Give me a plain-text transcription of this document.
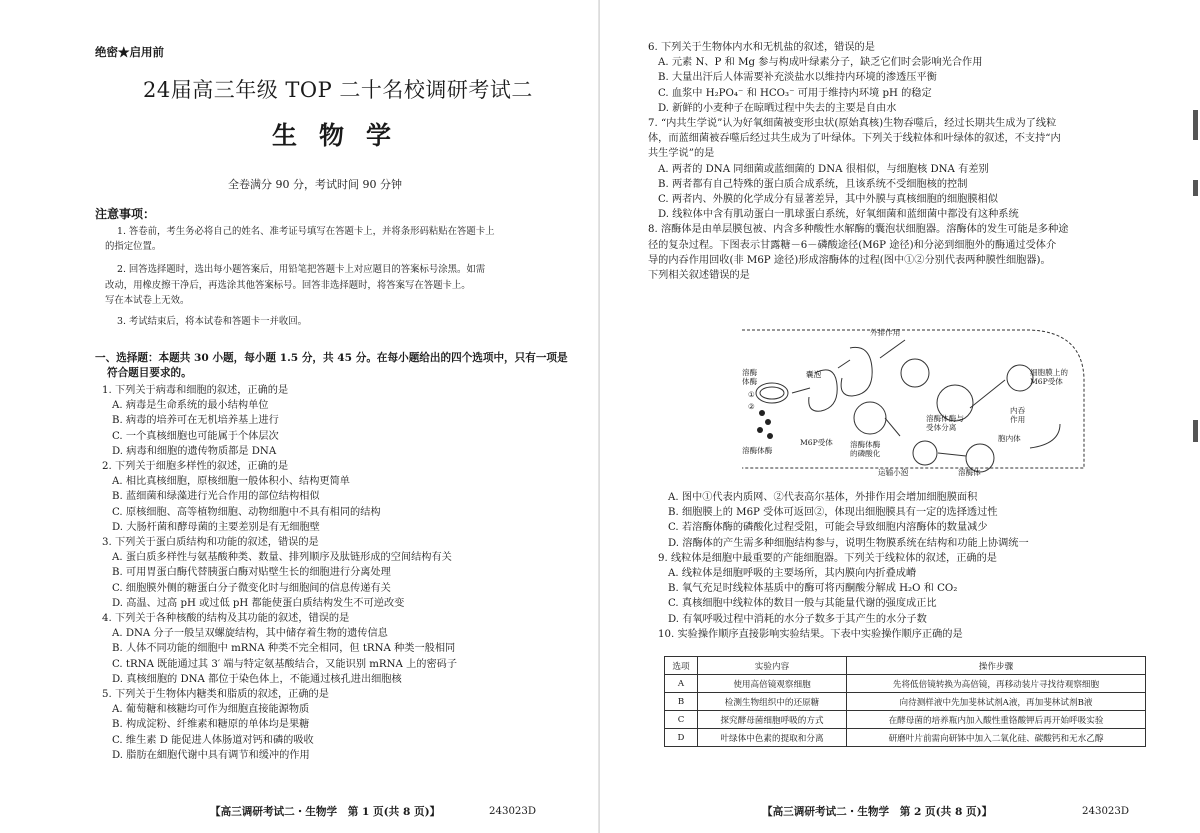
绝密★启用前
24届高三年级 TOP 二十名校调研考试二
生物学
全卷满分 90 分，考试时间 90 分钟
注意事项：
1. 答卷前，考生务必将自己的姓名、准考证号填写在答题卡上，并将条形码粘贴在答题卡上
的指定位置。
2. 回答选择题时，选出每小题答案后，用铅笔把答题卡上对应题目的答案标号涂黑。如需
改动，用橡皮擦干净后，再选涂其他答案标号。回答非选择题时，将答案写在答题卡上。
写在本试卷上无效。
3. 考试结束后，将本试卷和答题卡一并收回。
一、选择题：本题共 30 小题，每小题 1.5 分，共 45 分。在每小题给出的四个选项中，只有一项是
符合题目要求的。
1. 下列关于病毒和细胞的叙述，正确的是
A. 病毒是生命系统的最小结构单位
B. 病毒的培养可在无机培养基上进行
C. 一个真核细胞也可能属于个体层次
D. 病毒和细胞的遗传物质都是 DNA
2. 下列关于细胞多样性的叙述，正确的是
A. 相比真核细胞，原核细胞一般体积小、结构更简单
B. 蓝细菌和绿藻进行光合作用的部位结构相似
C. 原核细胞、高等植物细胞、动物细胞中不具有相同的结构
D. 大肠杆菌和酵母菌的主要差别是有无细胞壁
3. 下列关于蛋白质结构和功能的叙述，错误的是
A. 蛋白质多样性与氨基酸种类、数量、排列顺序及肽链形成的空间结构有关
B. 可用胃蛋白酶代替胰蛋白酶对贴壁生长的细胞进行分离处理
C. 细胞膜外侧的糖蛋白分子微变化时与细胞间的信息传递有关
D. 高温、过高 pH 或过低 pH 都能使蛋白质结构发生不可逆改变
4. 下列关于各种核酸的结构及其功能的叙述，错误的是
A. DNA 分子一般呈双螺旋结构，其中储存着生物的遗传信息
B. 人体不同功能的细胞中 mRNA 种类不完全相同，但 tRNA 种类一般相同
C. tRNA 既能通过其 3′ 端与特定氨基酸结合，又能识别 mRNA 上的密码子
D. 真核细胞的 DNA 都位于染色体上，不能通过核孔进出细胞核
5. 下列关于生物体内糖类和脂质的叙述，正确的是
A. 葡萄糖和核糖均可作为细胞直接能源物质
B. 构成淀粉、纤维素和糖原的单体均是果糖
C. 维生素 D 能促进人体肠道对钙和磷的吸收
D. 脂肪在細胞代谢中具有调节和缓冲的作用
【高三调研考试二・生物学　第 1 页(共 8 页)】	243023D
6. 下列关于生物体内水和无机盐的叙述，错误的是
A. 元素 N、P 和 Mg 参与构成叶绿素分子，缺乏它们时会影响光合作用
B. 大量出汗后人体需要补充淡盐水以维持内环境的渗透压平衡
C. 血浆中 H₂PO₄⁻ 和 HCO₃⁻ 可用于维持内环境 pH 的稳定
D. 新鲜的小麦种子在晾晒过程中失去的主要是自由水
7. “内共生学说”认为好氧细菌被变形虫状(原始真核)生物吞噬后，经过长期共生成为了线粒
体，而蓝细菌被吞噬后经过共生成为了叶绿体。下列关于线粒体和叶绿体的叙述，不支持“内
共生学说”的是
A. 两者的 DNA 同细菌或蓝细菌的 DNA 很相似，与细胞核 DNA 有差别
B. 两者都有自己特殊的蛋白质合成系统，且该系统不受细胞核的控制
C. 两者内、外膜的化学成分有显著差异，其中外膜与真核细胞的细胞膜相似
D. 线粒体中含有肌动蛋白一肌球蛋白系统，好氧细菌和蓝细菌中都没有这种系统
8. 溶酶体是由单层膜包被、内含多种酸性水解酶的囊泡状细胞器。溶酶体的发生可能是多种途
径的复杂过程。下图表示甘露糖－6－磷酸途径(M6P 途径)和分泌到细胞外的酶通过受体介
导的内吞作用回收(非 M6P 途径)形成溶酶体的过程(图中①②分别代表两种膜性细胞器)。
下列相关叙述错误的是
外排作用
细胞膜上的
M6P受体
溶酶
体酶
囊泡
内吞
作用
胞内体
溶酶体酶
溶酶体酶与
受体分离
溶酶体酶
的磷酸化
M6P受体
运输小泡	溶酶体
①
②
A. 图中①代表内质网、②代表高尔基体，外排作用会增加细胞膜面积
B. 细胞膜上的 M6P 受体可返回②，体现出细胞膜具有一定的选择透过性
C. 若溶酶体酶的磷酸化过程受阻，可能会导致细胞内溶酶体的数量减少
D. 溶酶体的产生需多种细胞结构参与，说明生物膜系统在结构和功能上协调统一
9. 线粒体是细胞中最重要的产能细胞器。下列关于线粒体的叙述，正确的是
A. 线粒体是细胞呼吸的主要场所，其内膜向内折叠成嵴
B. 氧气充足时线粒体基质中的酶可将丙酮酸分解成 H₂O 和 CO₂
C. 真核细胞中线粒体的数目一般与其能量代谢的强度成正比
D. 有氧呼吸过程中消耗的水分子数多于其产生的水分子数
10. 实验操作顺序直接影响实验结果。下表中实验操作顺序正确的是
选项	实验内容	操作步骤
A	使用高倍镜观察细胞	先将低倍镜转换为高倍镜，再移动装片寻找待观察细胞
B	检测生物组织中的还原糖	向待测样液中先加斐林试剂A液，再加斐林试剂B液
C	探究酵母菌细胞呼吸的方式	在酵母菌的培养瓶内加入酸性重铬酸钾后再开始呼吸实验
D	叶绿体中色素的提取和分离	研磨叶片前需向研钵中加入二氧化硅、碳酸钙和无水乙醇
【高三调研考试二・生物学　第 2 页(共 8 页)】	243023D
